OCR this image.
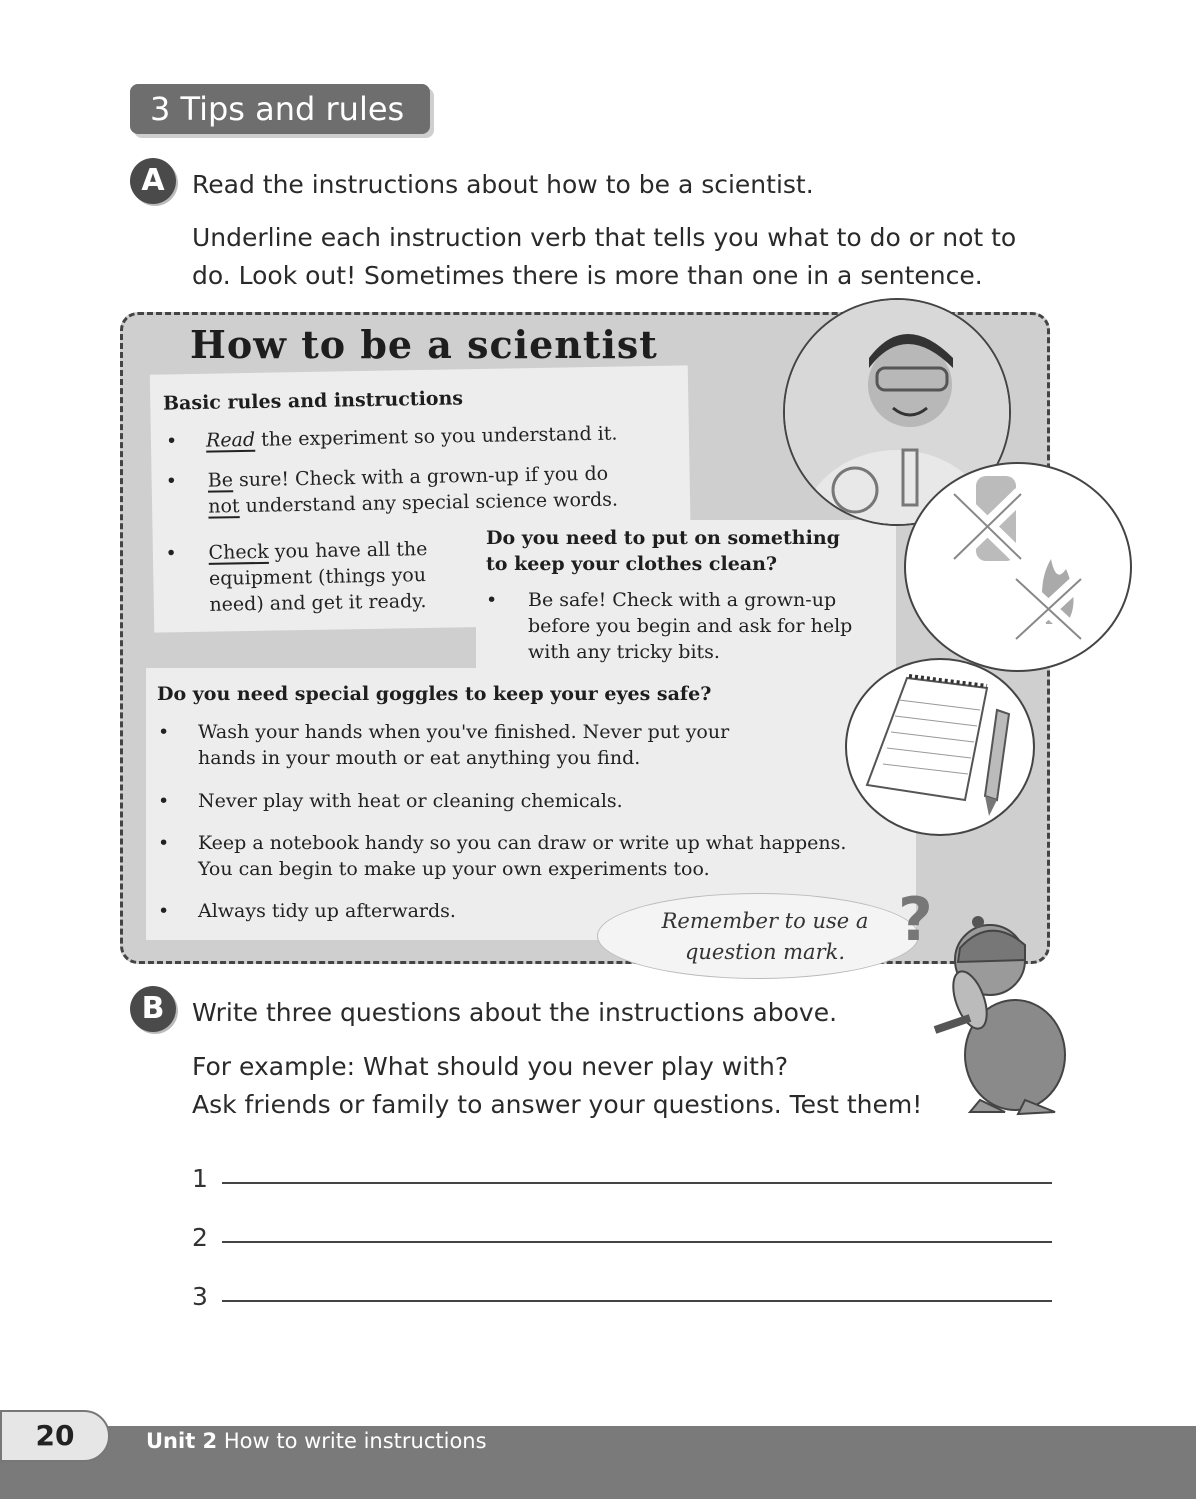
3 Tips and rules
A	Read the instructions about how to be a scientist.
Underline each instruction verb that tells you what to do or not to
do. Look out! Sometimes there is more than one in a sentence.
How to be a scientist
Basic rules and instructions
• Read the experiment so you understand it.
• Be sure! Check with a grown-up if you do
not understand any special science words.
• Check you have all the
equipment (things you
need) and get it ready.
Do you need to put on something
to keep your clothes clean?
• Be safe! Check with a grown-up
before you begin and ask for help
with any tricky bits.
Do you need special goggles to keep your eyes safe?
• Wash your hands when you've finished. Never put your
hands in your mouth or eat anything you find.
• Never play with heat or cleaning chemicals.
• Keep a notebook handy so you can draw or write up what happens.
You can begin to make up your own experiments too.
• Always tidy up afterwards.	Remember to use a
question mark. ?
B	Write three questions about the instructions above.
For example: What should you never play with?
Ask friends or family to answer your questions. Test them!
1
2
3
20	Unit 2 How to write instructions
